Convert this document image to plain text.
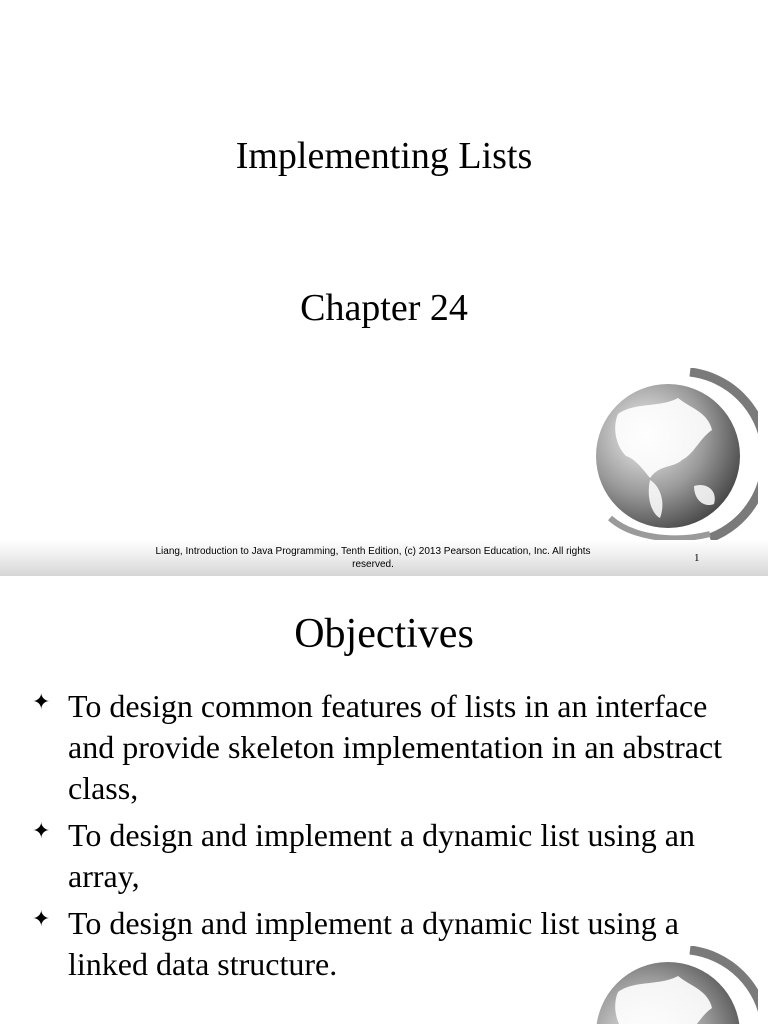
Implementing Lists
Chapter 24
Liang, Introduction to Java Programming, Tenth Edition, (c) 2013 Pearson Education, Inc. All rights reserved.
1
Objectives
✦ To design common features of lists in an interface and provide skeleton implementation in an abstract class,
✦ To design and implement a dynamic list using an array,
✦ To design and implement a dynamic list using a linked data structure.
